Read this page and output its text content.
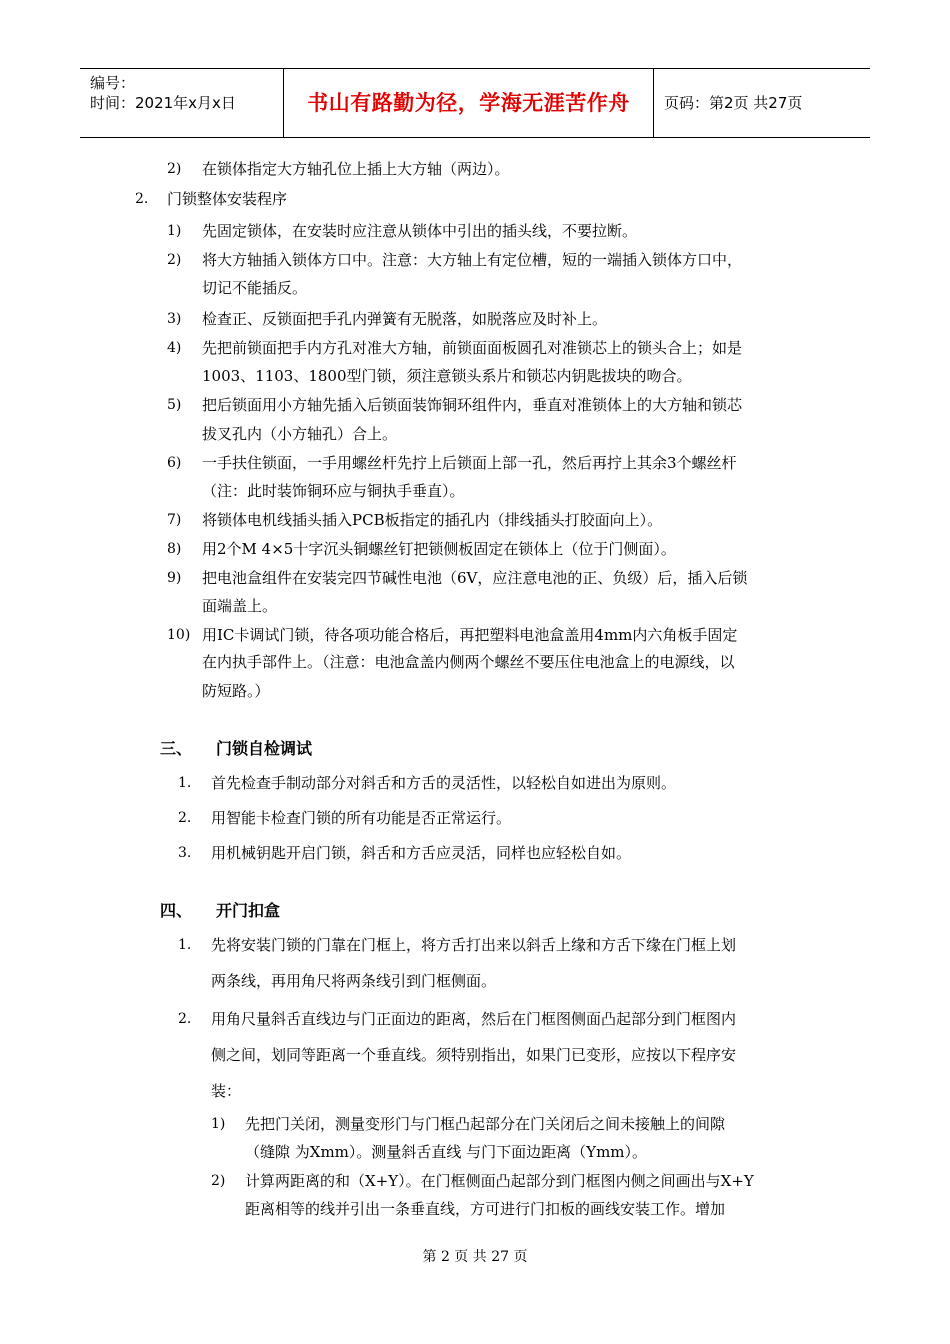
编号：
时间：2021年x月x日	书山有路勤为径，学海无涯苦作舟	页码：第2页 共27页
2) 在锁体指定大方轴孔位上插上大方轴（两边）。
2. 门锁整体安装程序
1) 先固定锁体，在安装时应注意从锁体中引出的插头线，不要拉断。
2) 将大方轴插入锁体方口中。注意：大方轴上有定位槽，短的一端插入锁体方口中，
切记不能插反。
3) 检查正、反锁面把手孔内弹簧有无脱落，如脱落应及时补上。
4) 先把前锁面把手内方孔对准大方轴，前锁面面板圆孔对准锁芯上的锁头合上；如是
1003、1103、1800型门锁，须注意锁头系片和锁芯内钥匙拔块的吻合。
5) 把后锁面用小方轴先插入后锁面装饰铜环组件内，垂直对准锁体上的大方轴和锁芯
拔叉孔内（小方轴孔）合上。
6) 一手扶住锁面，一手用螺丝杆先拧上后锁面上部一孔，然后再拧上其余3个螺丝杆
（注：此时装饰铜环应与铜执手垂直）。
7) 将锁体电机线插头插入PCB板指定的插孔内（排线插头打胶面向上）。
8) 用2个M 4×5十字沉头铜螺丝钉把锁侧板固定在锁体上（位于门侧面）。
9) 把电池盒组件在安装完四节碱性电池（6V，应注意电池的正、负级）后，插入后锁
面端盖上。
10) 用IC卡调试门锁，待各项功能合格后，再把塑料电池盒盖用4mm内六角板手固定
在内执手部件上。（注意：电池盒盖内侧两个螺丝不要压住电池盒上的电源线，以
防短路。）
三、 门锁自检调试
1. 首先检查手制动部分对斜舌和方舌的灵活性，以轻松自如进出为原则。
2. 用智能卡检查门锁的所有功能是否正常运行。
3. 用机械钥匙开启门锁，斜舌和方舌应灵活，同样也应轻松自如。
四、 开门扣盒
1. 先将安装门锁的门靠在门框上，将方舌打出来以斜舌上缘和方舌下缘在门框上划
两条线，再用角尺将两条线引到门框侧面。
2. 用角尺量斜舌直线边与门正面边的距离，然后在门框图侧面凸起部分到门框图内
侧之间，划同等距离一个垂直线。须特别指出，如果门已变形，应按以下程序安
装：
1) 先把门关闭，测量变形门与门框凸起部分在门关闭后之间未接触上的间隙
（缝隙 为Xmm）。测量斜舌直线 与门下面边距离（Ymm）。
2) 计算两距离的和（X+Y）。在门框侧面凸起部分到门框图内侧之间画出与X+Y
距离相等的线并引出一条垂直线，方可进行门扣板的画线安装工作。增加
第 2 页 共 27 页
